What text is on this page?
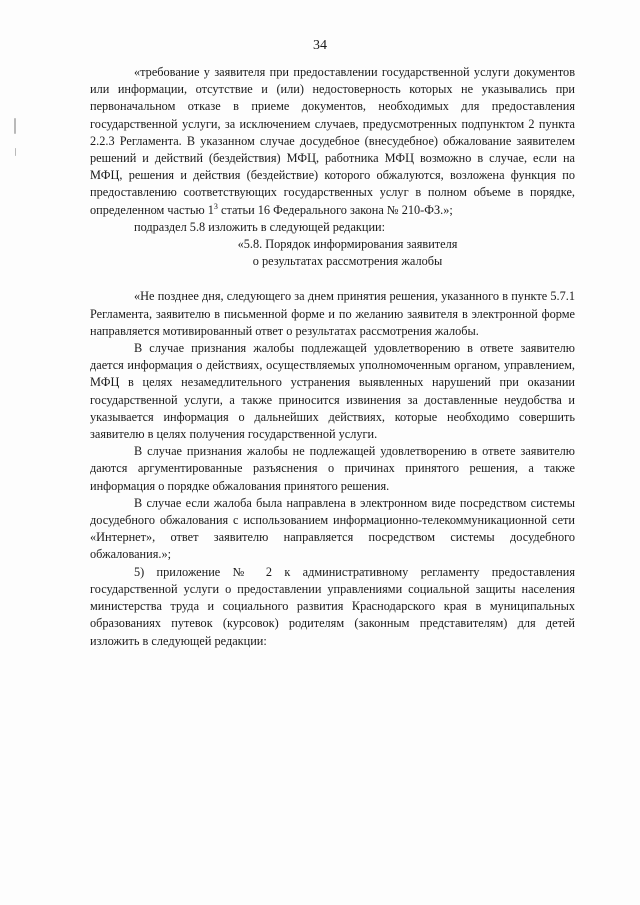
34

«требование у заявителя при предоставлении государственной услуги документов или информации, отсутствие и (или) недостоверность которых не указывались при первоначальном отказе в приеме документов, необходимых для предоставления государственной услуги, за исключением случаев, предусмотренных подпунктом 2 пункта 2.2.3 Регламента. В указанном случае досудебное (внесудебное) обжалование заявителем решений и действий (бездействия) МФЦ, работника МФЦ возможно в случае, если на МФЦ, решения и действия (бездействие) которого обжалуются, возложена функция по предоставлению соответствующих государственных услуг в полном объеме в порядке, определенном частью $1^3$ статьи 16 Федерального закона № 210-ФЗ.»;

подраздел 5.8 изложить в следующей редакции:

«5.8. Порядок информирования заявителя

о результатах рассмотрения жалобы

«Не позднее дня, следующего за днем принятия решения, указанного в пункте 5.7.1 Регламента, заявителю в письменной форме и по желанию заявителя в электронной форме направляется мотивированный ответ о результатах рассмотрения жалобы.

В случае признания жалобы подлежащей удовлетворению в ответе заявителю дается информация о действиях, осуществляемых уполномоченным органом, управлением, МФЦ в целях незамедлительного устранения выявленных нарушений при оказании государственной услуги, а также приносится извинения за доставленные неудобства и указывается информация о дальнейших действиях, которые необходимо совершить заявителю в целях получения государственной услуги.

В случае признания жалобы не подлежащей удовлетворению в ответе заявителю даются аргументированные разъяснения о причинах принятого решения, а также информация о порядке обжалования принятого решения.

В случае если жалоба была направлена в электронном виде посредством системы досудебного обжалования с использованием информационно-телекоммуникационной сети «Интернет», ответ заявителю направляется посредством системы досудебного обжалования.»;

5) приложение № 2 к административному регламенту предоставления государственной услуги о предоставлении управлениями социальной защиты населения министерства труда и социального развития Краснодарского края в муниципальных образованиях путевок (курсовок) родителям (законным представителям) для детей изложить в следующей редакции:
